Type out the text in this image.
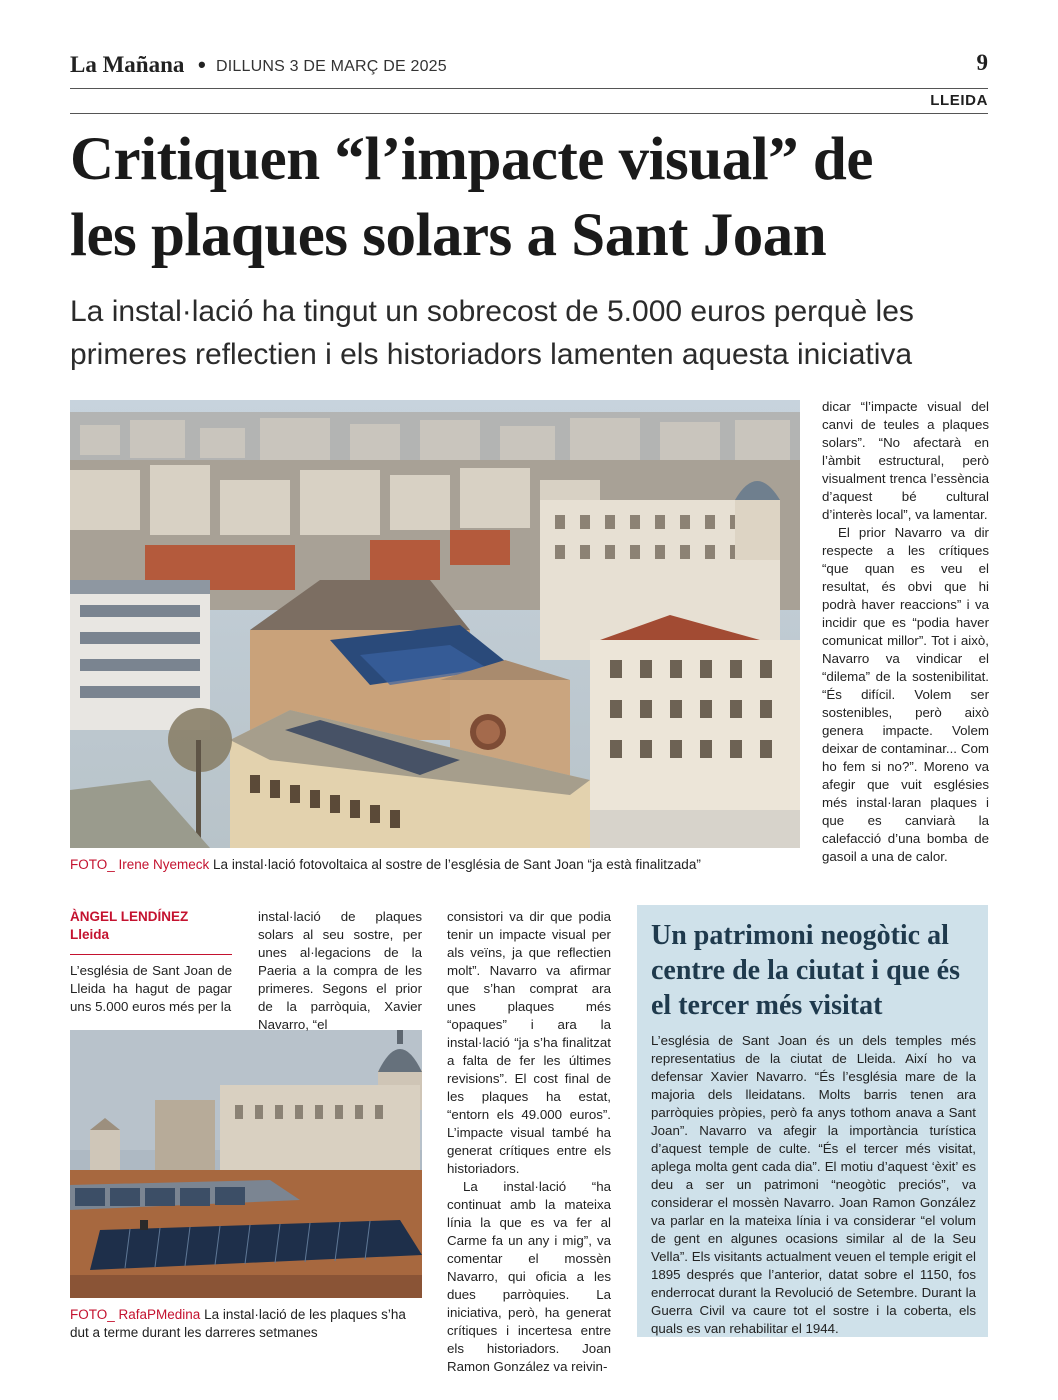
La Mañana • DILLUNS 3 DE MARÇ DE 2025	9
LLEIDA
Critiquen “l’impacte visual” de
les plaques solars a Sant Joan
La instal·lació ha tingut un sobrecost de 5.000 euros perquè les
primeres reflectien i els historiadors lamenten aquesta iniciativa
FOTO_ Irene Nyemeck La instal·lació fotovoltaica al sostre de l’església de Sant Joan “ja està finalitzada”

dicar “l’impacte visual del canvi de teules a plaques solars”. “No afectarà en l’àmbit estructural, però visualment trenca l’essència d’aquest bé cultural d’interès local”, va lamentar.

El prior Navarro va dir respecte a les crítiques “que quan es veu el resultat, és obvi que hi podrà haver reaccions” i va incidir que es “podia haver comunicat millor”. Tot i això, Navarro va vindicar el “dilema” de la sostenibilitat. “És difícil. Volem ser sostenibles, però això genera impacte. Volem deixar de contaminar... Com ho fem si no?”. Moreno va afegir que vuit esglésies més instal·laran plaques i que es canviarà la calefacció d’una bomba de gasoil a una de calor.

ÀNGEL LENDÍNEZ
Lleida

L’església de Sant Joan de Lleida ha hagut de pagar uns 5.000 euros més per la

FOTO_ RafaPMedina La instal·lació de les plaques s’ha dut a terme durant les darreres setmanes

instal·lació de plaques solars al seu sostre, per unes al·legacions de la Paeria a la compra de les primeres. Segons el prior de la parròquia, Xavier Navarro, “el

consistori va dir que podia tenir un impacte visual per als veïns, ja que reflectien molt”. Navarro va afirmar que s’han comprat ara unes plaques més “opaques” i ara la instal·lació “ja s’ha finalitzat a falta de fer les últimes revisions”. El cost final de les plaques ha estat, “entorn els 49.000 euros”. L’impacte visual també ha generat crítiques entre els historiadors.

La instal·lació “ha continuat amb la mateixa línia la que es va fer al Carme fa un any i mig”, va comentar el mossèn Navarro, qui oficia a les dues parròquies. La iniciativa, però, ha generat crítiques i incertesa entre els historiadors. Joan Ramon González va reivin-

Un patrimoni neogòtic al centre de la ciutat i que és el tercer més visitat
L’església de Sant Joan és un dels temples més representatius de la ciutat de Lleida. Així ho va defensar Xavier Navarro. “És l’església mare de la majoria dels lleidatans. Molts barris tenen ara parròquies pròpies, però fa anys tothom anava a Sant Joan”. Navarro va afegir la importància turística d’aquest temple de culte. “És el tercer més visitat, aplega molta gent cada dia”. El motiu d’aquest ‘èxit’ es deu a ser un patrimoni “neogòtic preciós”, va considerar el mossèn Navarro. Joan Ramon González va parlar en la mateixa línia i va considerar “el volum de gent en algunes ocasions similar al de la Seu Vella”. Els visitants actualment veuen el temple erigit el 1895 després que l’anterior, datat sobre el 1150, fos enderrocat durant la Revolució de Setembre. Durant la Guerra Civil va caure tot el sostre i la coberta, els quals es van rehabilitar el 1944.
